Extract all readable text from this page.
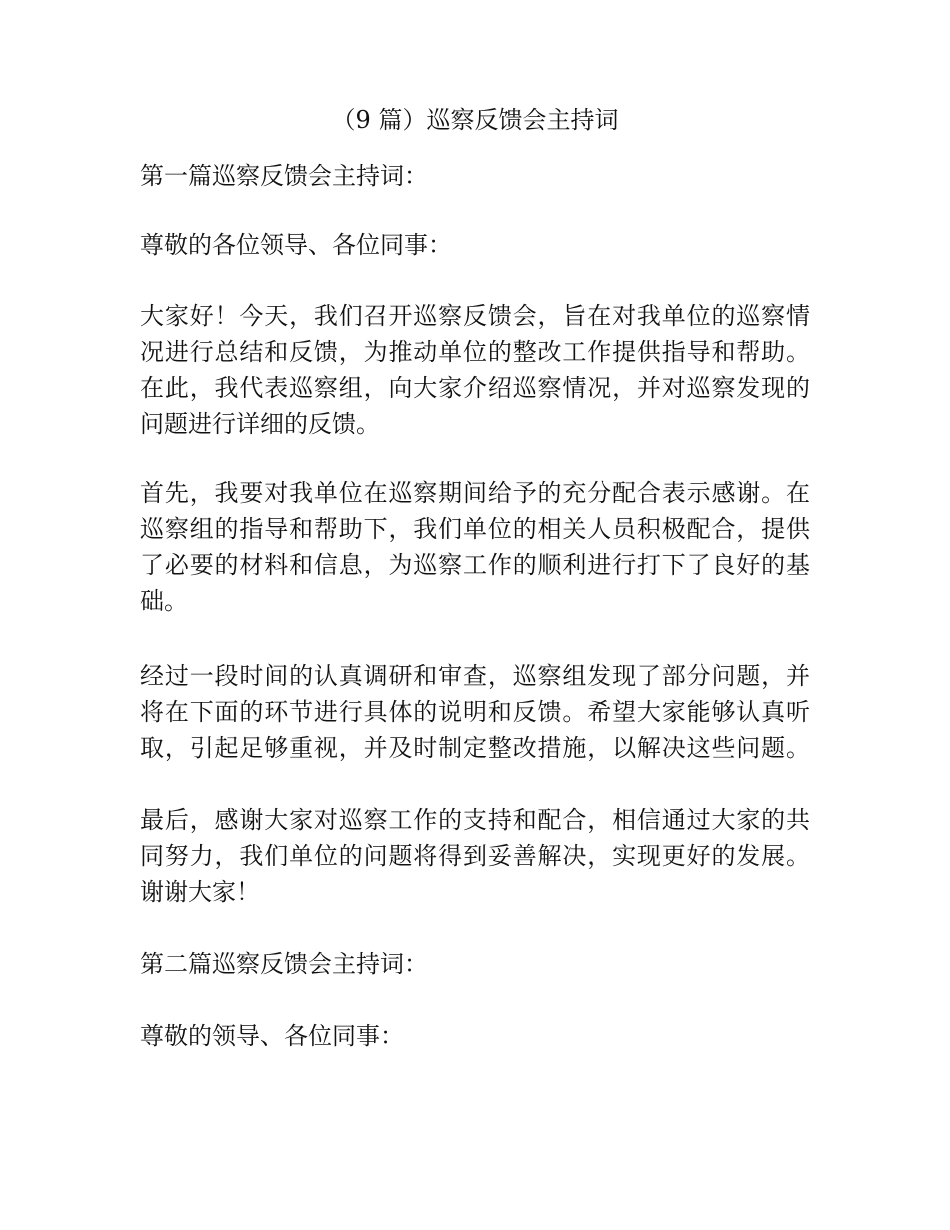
（9 篇）巡察反馈会主持词
第一篇巡察反馈会主持词：
尊敬的各位领导、各位同事：
大家好！今天，我们召开巡察反馈会，旨在对我单位的巡察情
况进行总结和反馈，为推动单位的整改工作提供指导和帮助。
在此，我代表巡察组，向大家介绍巡察情况，并对巡察发现的
问题进行详细的反馈。
首先，我要对我单位在巡察期间给予的充分配合表示感谢。在
巡察组的指导和帮助下，我们单位的相关人员积极配合，提供
了必要的材料和信息，为巡察工作的顺利进行打下了良好的基
础。
经过一段时间的认真调研和审查，巡察组发现了部分问题，并
将在下面的环节进行具体的说明和反馈。希望大家能够认真听
取，引起足够重视，并及时制定整改措施，以解决这些问题。
最后，感谢大家对巡察工作的支持和配合，相信通过大家的共
同努力，我们单位的问题将得到妥善解决，实现更好的发展。
谢谢大家！
第二篇巡察反馈会主持词：
尊敬的领导、各位同事：
